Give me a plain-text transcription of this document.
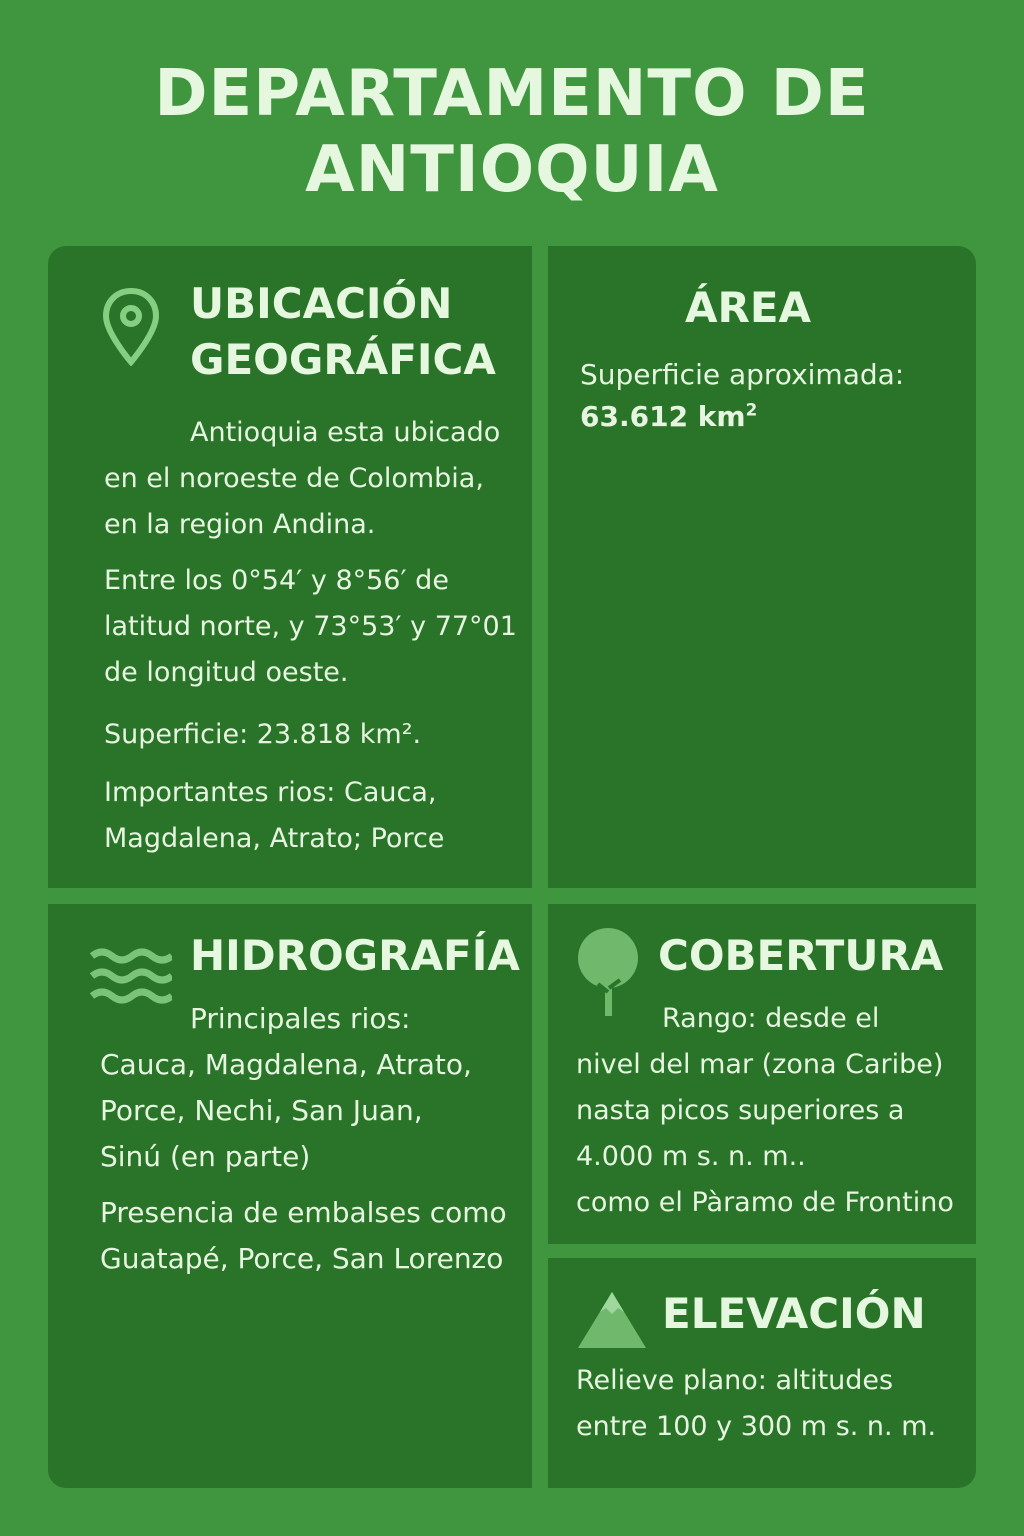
DEPARTAMENTO DE
ANTIOQUIA
UBICACIÓN
GEOGRÁFICA
Antioquia esta ubicado
en el noroeste de Colombia,
en la region Andina.
Entre los 0°54′ y 8°56′ de
latitud norte, y 73°53′ y 77°01
de longitud oeste.
Superficie: 23.818 km².
Importantes rios: Cauca,
Magdalena, Atrato; Porce
ÁREA
Superficie aproximada:
63.612 $km^2$
HIDROGRAFÍA
Principales rios:
Cauca, Magdalena, Atrato,
Porce, Nechi, San Juan,
Sinú (en parte)
Presencia de embalses como
Guatapé, Porce, San Lorenzo
COBERTURA
Rango: desde el
nivel del mar (zona Caribe)
nasta picos superiores a
4.000 m s. n. m..
como el Pàramo de Frontino
ELEVACIÓN
Relieve plano: altitudes
entre 100 y 300 m s. n. m.
